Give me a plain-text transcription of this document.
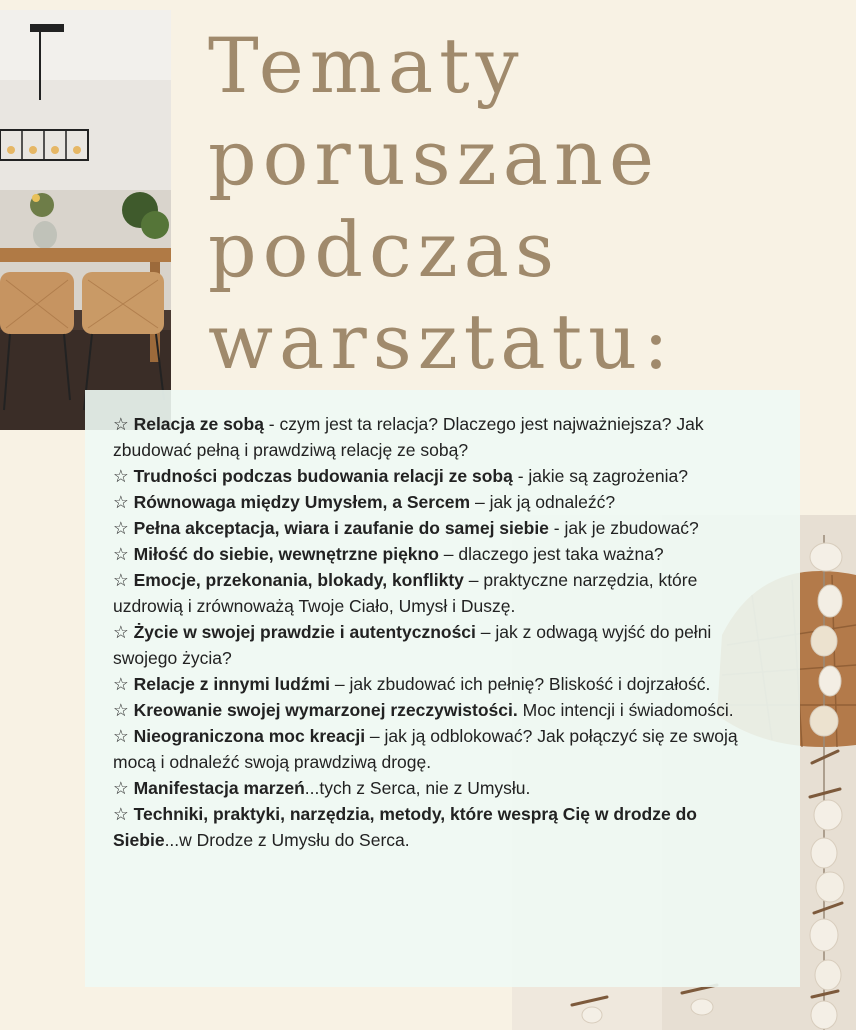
Tematy
poruszane
podczas
warsztatu:
☆ Relacja ze sobą - czym jest ta relacja? Dlaczego jest najważniejsza? Jak zbudować pełną i prawdziwą relację ze sobą?
☆ Trudności podczas budowania relacji ze sobą - jakie są zagrożenia?
☆ Równowaga między Umysłem, a Sercem – jak ją odnaleźć?
☆ Pełna akceptacja, wiara i zaufanie do samej siebie - jak je zbudować?
☆ Miłość do siebie, wewnętrzne piękno – dlaczego jest taka ważna?
☆ Emocje, przekonania, blokady, konflikty – praktyczne narzędzia, które uzdrowią i zrównoważą Twoje Ciało, Umysł i Duszę.
☆ Życie w swojej prawdzie i autentyczności – jak z odwagą wyjść do pełni swojego życia?
☆ Relacje z innymi ludźmi – jak zbudować ich pełnię? Bliskość i dojrzałość.
☆ Kreowanie swojej wymarzonej rzeczywistości. Moc intencji i świadomości.
☆ Nieograniczona moc kreacji – jak ją odblokować? Jak połączyć się ze swoją mocą i odnaleźć swoją prawdziwą drogę.
☆ Manifestacja marzeń...tych z Serca, nie z Umysłu.
☆ Techniki, praktyki, narzędzia, metody, które wesprą Cię w drodze do Siebie...w Drodze z Umysłu do Serca.
